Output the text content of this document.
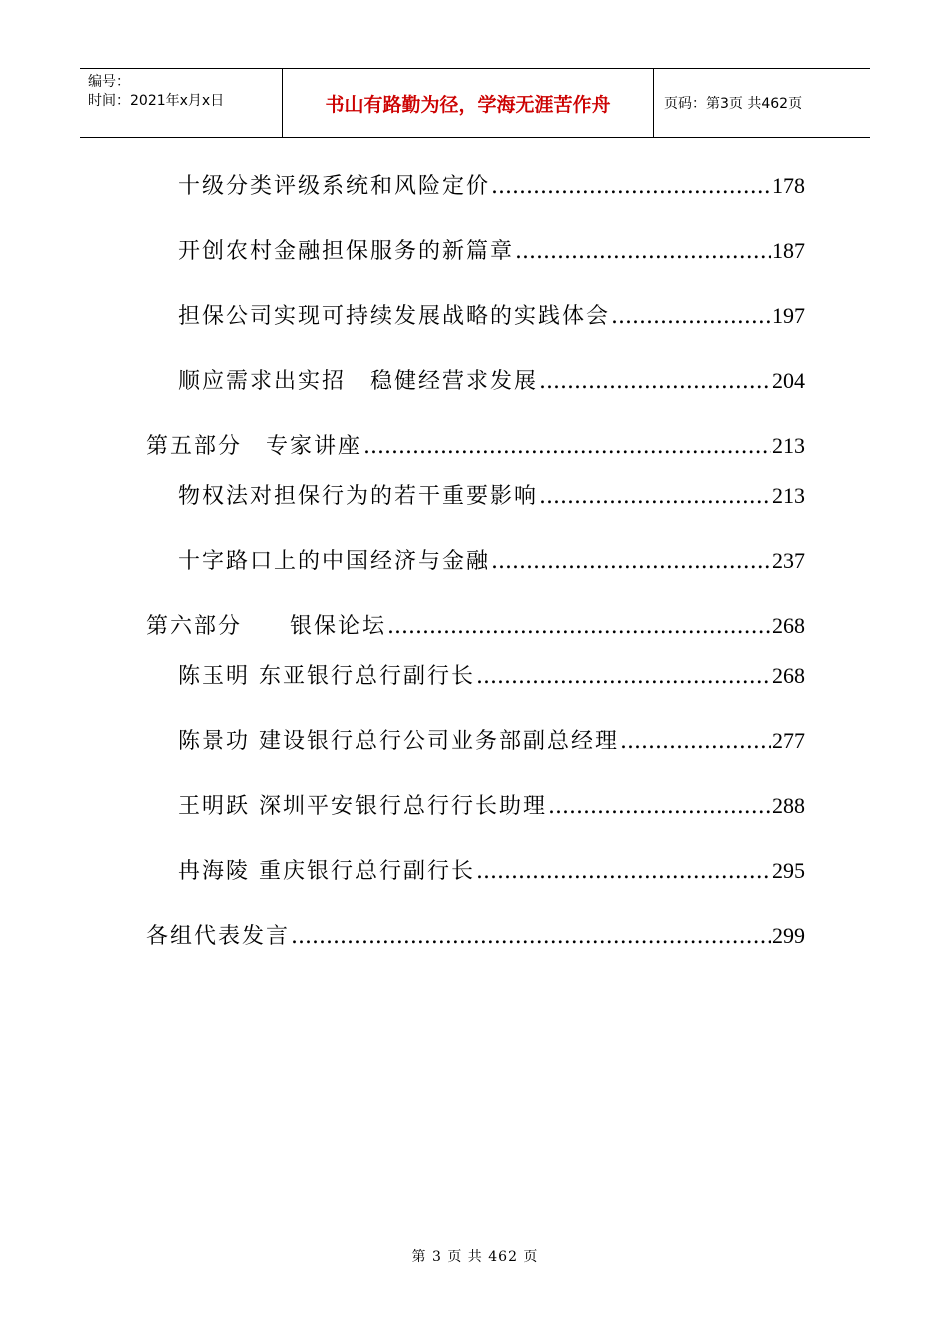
编号：
时间：2021年x月x日	书山有路勤为径，学海无涯苦作舟	页码：第3页 共462页
十级分类评级系统和风险定价 .....	178
开创农村金融担保服务的新篇章 .....	187
担保公司实现可持续发展战略的实践体会 .....	197
顺应需求出实招　稳健经营求发展 .....	204
第五部分　专家讲座 .....	213
物权法对担保行为的若干重要影响 .....	213
十字路口上的中国经济与金融 .....	237
第六部分　　银保论坛 .....	268
陈玉明 东亚银行总行副行长 .....	268
陈景功 建设银行总行公司业务部副总经理 .....	277
王明跃 深圳平安银行总行行长助理 .....	288
冉海陵 重庆银行总行副行长 .....	295
各组代表发言 .....	299
第 3 页 共 462 页
